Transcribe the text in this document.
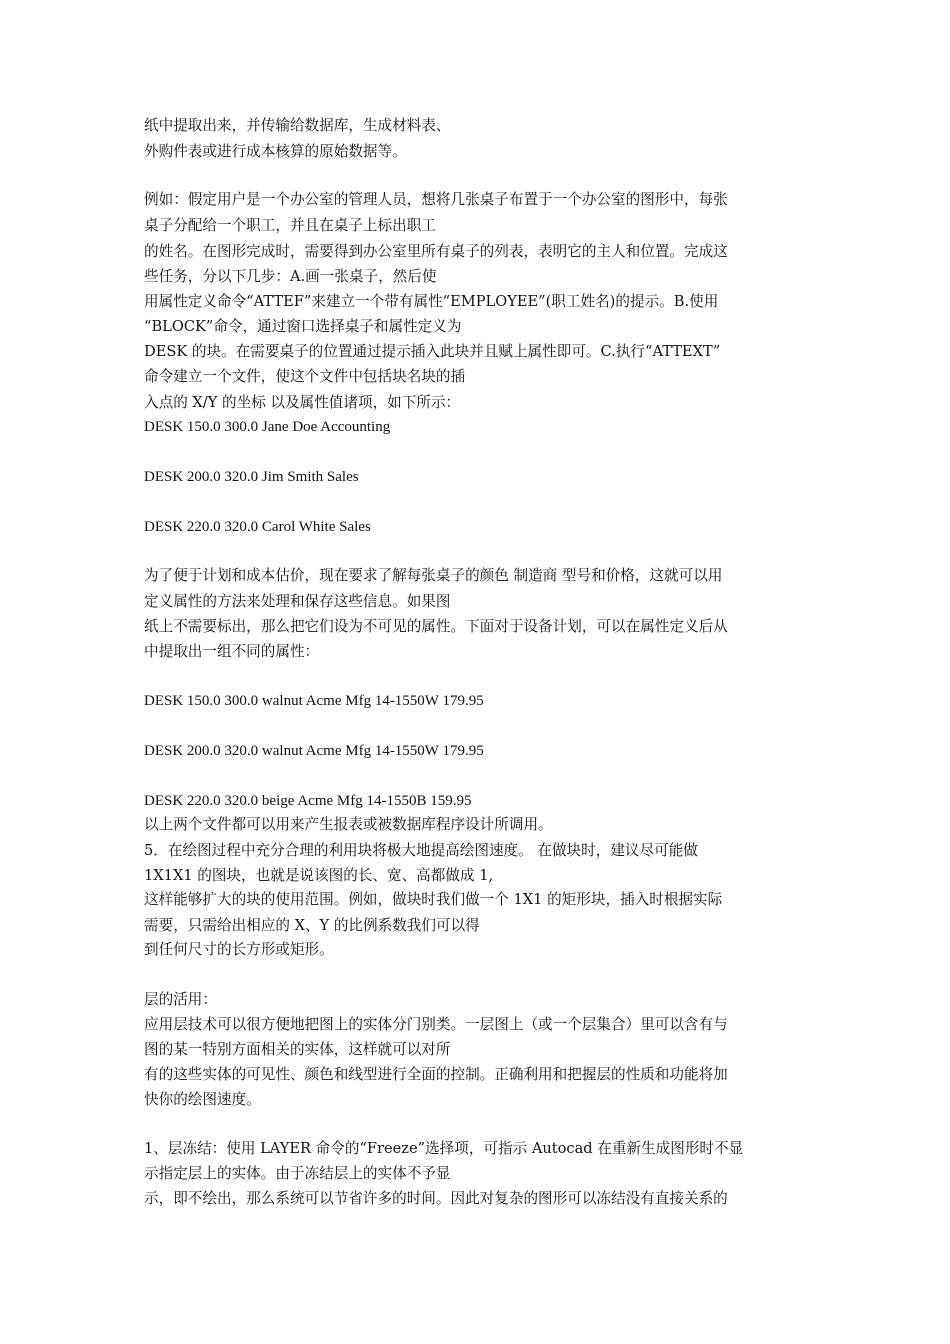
纸中提取出来，并传输给数据库，生成材料表、
外购件表或进行成本核算的原始数据等。
例如：假定用户是一个办公室的管理人员，想将几张桌子布置于一个办公室的图形中，每张
桌子分配给一个职工，并且在桌子上标出职工
的姓名。在图形完成时，需要得到办公室里所有桌子的列表，表明它的主人和位置。完成这
些任务，分以下几步：A.画一张桌子，然后使
用属性定义命令“ATTEF”来建立一个带有属性“EMPLOYEE”(职工姓名)的提示。B.使用
“BLOCK”命令，通过窗口选择桌子和属性定义为
DESK 的块。在需要桌子的位置通过提示插入此块并且赋上属性即可。C.执行“ATTEXT”
命令建立一个文件，使这个文件中包括块名块的插
入点的 X/Y 的坐标 以及属性值诸项，如下所示：
DESK 150.0 300.0 Jane Doe Accounting
DESK 200.0 320.0 Jim Smith Sales
DESK 220.0 320.0 Carol White Sales
为了便于计划和成本估价，现在要求了解每张桌子的颜色 制造商 型号和价格，这就可以用
定义属性的方法来处理和保存这些信息。如果图
纸上不需要标出，那么把它们设为不可见的属性。下面对于设备计划，可以在属性定义后从
中提取出一组不同的属性：
DESK 150.0 300.0 walnut Acme Mfg 14-1550W 179.95
DESK 200.0 320.0 walnut Acme Mfg 14-1550W 179.95
DESK 220.0 320.0 beige Acme Mfg 14-1550B 159.95
以上两个文件都可以用来产生报表或被数据库程序设计所调用。
5．在绘图过程中充分合理的利用块将极大地提高绘图速度。 在做块时，建议尽可能做
1X1X1 的图块，也就是说该图的长、宽、高都做成 1,
这样能够扩大的块的使用范围。例如，做块时我们做一个 1X1 的矩形块，插入时根据实际
需要，只需给出相应的 X、Y 的比例系数我们可以得
到任何尺寸的长方形或矩形。
层的活用：
应用层技术可以很方便地把图上的实体分门别类。一层图上（或一个层集合）里可以含有与
图的某一特别方面相关的实体，这样就可以对所
有的这些实体的可见性、颜色和线型进行全面的控制。正确利用和把握层的性质和功能将加
快你的绘图速度。
1、层冻结：使用 LAYER 命令的“Freeze”选择项，可指示 Autocad 在重新生成图形时不显
示指定层上的实体。由于冻结层上的实体不予显
示，即不绘出，那么系统可以节省许多的时间。因此对复杂的图形可以冻结没有直接关系的
